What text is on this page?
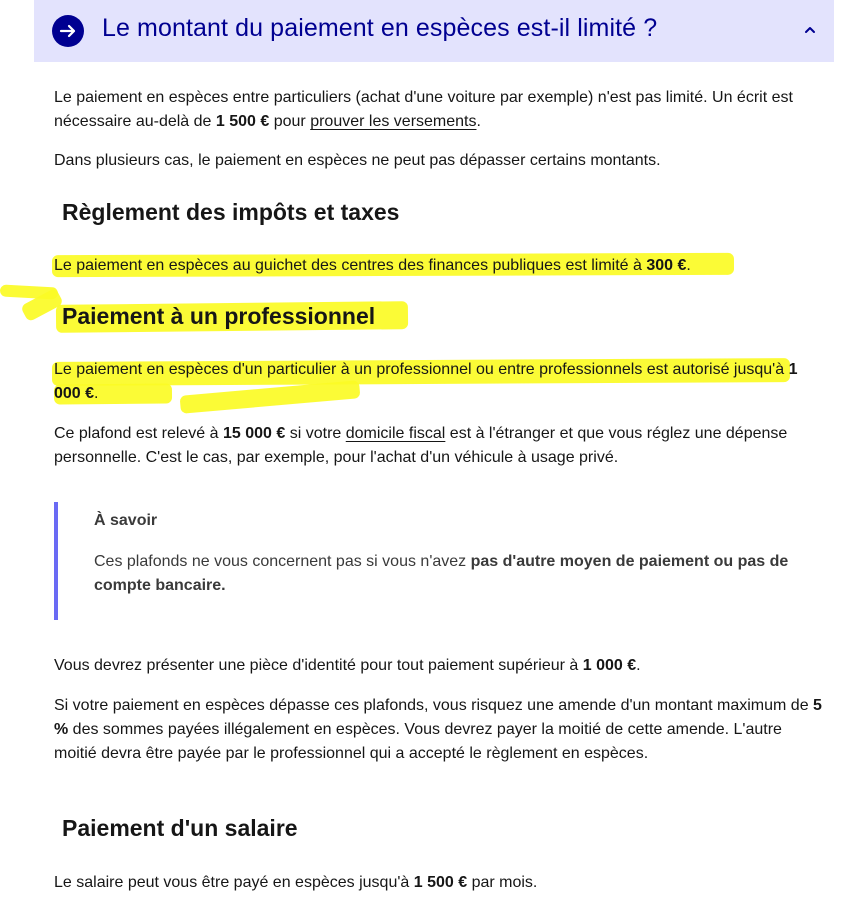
Le montant du paiement en espèces est-il limité ?

Le paiement en espèces entre particuliers (achat d'une voiture par exemple) n'est pas limité. Un écrit est nécessaire au-delà de 1 500 € pour prouver les versements.

Dans plusieurs cas, le paiement en espèces ne peut pas dépasser certains montants.

Règlement des impôts et taxes

Le paiement en espèces au guichet des centres des finances publiques est limité à 300 €.

Paiement à un professionnel

Le paiement en espèces d'un particulier à un professionnel ou entre professionnels est autorisé jusqu'à 1 000 €.

Ce plafond est relevé à 15 000 € si votre domicile fiscal est à l'étranger et que vous réglez une dépense personnelle. C'est le cas, par exemple, pour l'achat d'un véhicule à usage privé.

À savoir
Ces plafonds ne vous concernent pas si vous n'avez pas d'autre moyen de paiement ou pas de compte bancaire.

Vous devrez présenter une pièce d'identité pour tout paiement supérieur à 1 000 €.

Si votre paiement en espèces dépasse ces plafonds, vous risquez une amende d'un montant maximum de 5 % des sommes payées illégalement en espèces. Vous devrez payer la moitié de cette amende. L'autre moitié devra être payée par le professionnel qui a accepté le règlement en espèces.

Paiement d'un salaire

Le salaire peut vous être payé en espèces jusqu'à 1 500 € par mois.
